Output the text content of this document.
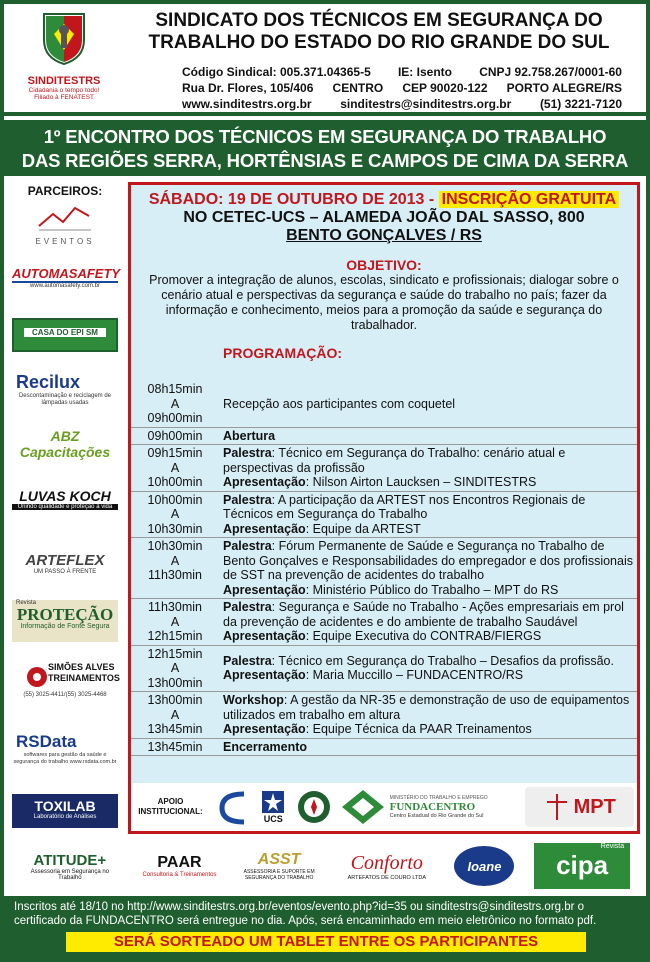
SINDITESTRS
Cidadania o tempo todo!
Filiado à FENATEST
SINDICATO DOS TÉCNICOS EM SEGURANÇA DO
TRABALHO DO ESTADO DO RIO GRANDE DO SUL
Código Sindical: 005.371.04365-5 IE: Isento CNPJ 92.758.267/0001-60
Rua Dr. Flores, 105/406 CENTRO CEP 90020-122 PORTO ALEGRE/RS
www.sinditestrs.org.br sinditestrs@sinditestrs.org.br (51) 3221-7120
1º ENCONTRO DOS TÉCNICOS EM SEGURANÇA DO TRABALHO
DAS REGIÕES SERRA, HORTÊNSIAS E CAMPOS DE CIMA DA SERRA
PARCEIROS:
EVENTOS
AUTOMASAFETY
www.automasafety.com.br
CASA DO EPI SM
Recilux
Descontaminação e reciclagem de lâmpadas usadas
ABZ Capacitações
LUVAS KOCH
Unindo qualidade e proteção à vida
ARTEFLEX
UM PASSO À FRENTE
Revista
PROTEÇÃO
Informação de Fonte Segura
SIMÕES ALVES TREINAMENTOS
(55) 3025-4411/(55) 3025-4468
RSData
softwares para gestão da saúde e segurança do trabalho www.rsdata.com.br
TOXILAB
Laboratório de Análises
SÁBADO: 19 DE OUTUBRO DE 2013 - INSCRIÇÃO GRATUITA
NO CETEC-UCS – ALAMEDA JOÃO DAL SASSO, 800
BENTO GONÇALVES / RS
OBJETIVO:
Promover a integração de alunos, escolas, sindicato e profissionais; dialogar sobre o cenário atual e perspectivas da segurança e saúde do trabalho no país; fazer da informação e conhecimento, meios para a promoção da saúde e segurança do trabalhador.
PROGRAMAÇÃO:
08h15min
A
09h00min
Recepção aos participantes com coquetel
09h00min	Abertura
09h15min
A
10h00min
Palestra: Técnico em Segurança do Trabalho: cenário atual e perspectivas da profissão
Apresentação: Nilson Airton Laucksen – SINDITESTRS
10h00min
A
10h30min
Palestra: A participação da ARTEST nos Encontros Regionais de Técnicos em Segurança do Trabalho
Apresentação: Equipe da ARTEST
10h30min
A
11h30min
Palestra: Fórum Permanente de Saúde e Segurança no Trabalho de Bento Gonçalves e Responsabilidades do empregador e dos profissionais de SST na prevenção de acidentes do trabalho
Apresentação: Ministério Público do Trabalho – MPT do RS
11h30min
A
12h15min
Palestra: Segurança e Saúde no Trabalho - Ações empresariais em prol da prevenção de acidentes e do ambiente de trabalho Saudável
Apresentação: Equipe Executiva do CONTRAB/FIERGS
12h15min
A
13h00min
Palestra: Técnico em Segurança do Trabalho – Desafios da profissão.
Apresentação: Maria Muccillo – FUNDACENTRO/RS
13h00min
A
13h45min
Workshop: A gestão da NR-35 e demonstração de uso de equipamentos utilizados em trabalho em altura
Apresentação: Equipe Técnica da PAAR Treinamentos
13h45min	Encerramento
APOIO INSTITUCIONAL:
UCS
MINISTÉRIO DO TRABALHO E EMPREGO
FUNDACENTRO
Centro Estadual do Rio Grande do Sul	MPT
ATITUDE+
Assessoria em Segurança no Trabalho
PAAR
Consultoria & Treinamentos
ASST
ASSESSORIA E SUPORTE EM SEGURANÇA DO TRABALHO
Conforto
ARTEFATOS DE COURO LTDA
Ioane
Revista
cipa
Inscritos até 18/10 no http://www.sinditestrs.org.br/eventos/evento.php?id=35 ou sinditestrs@sinditestrs.org.br o certificado da FUNDACENTRO será entregue no dia. Após, será encaminhado em meio eletrônico no formato pdf.
SERÁ SORTEADO UM TABLET ENTRE OS PARTICIPANTES
